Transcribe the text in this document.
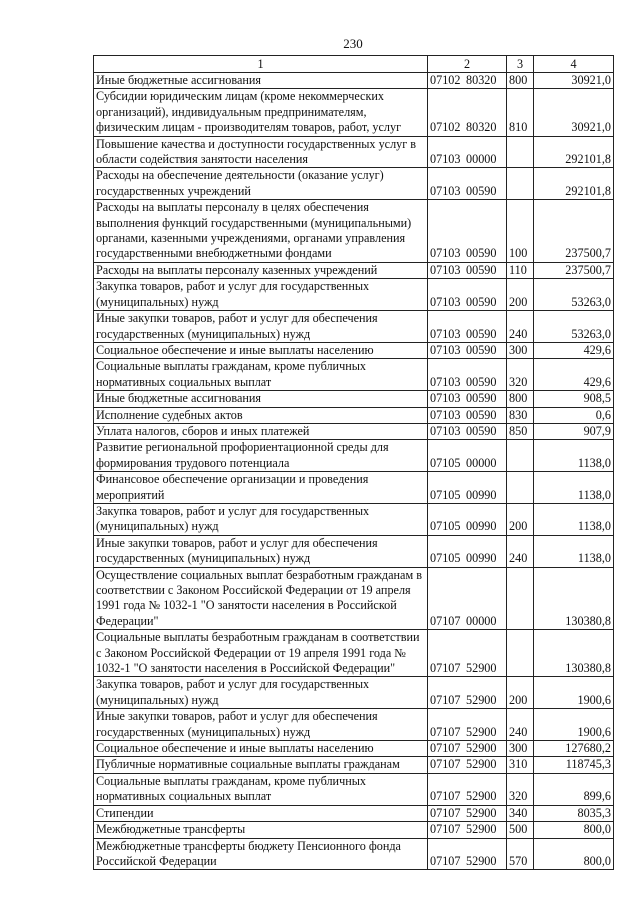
230
1	2	3	4
Иные бюджетные ассигнования	07102 80320	800	30921,0
Субсидии юридическим лицам (кроме некоммерческих организаций), индивидуальным предпринимателям, физическим лицам - производителям товаров, работ, услуг	07102 80320	810	30921,0
Повышение качества и доступности государственных услуг в области содействия занятости населения	07103 00000		292101,8
Расходы на обеспечение деятельности (оказание услуг) государственных учреждений	07103 00590		292101,8
Расходы на выплаты персоналу в целях обеспечения выполнения функций государственными (муниципальными) органами, казенными учреждениями, органами управления государственными внебюджетными фондами	07103 00590	100	237500,7
Расходы на выплаты персоналу казенных учреждений	07103 00590	110	237500,7
Закупка товаров, работ и услуг для государственных (муниципальных) нужд	07103 00590	200	53263,0
Иные закупки товаров, работ и услуг для обеспечения государственных (муниципальных) нужд	07103 00590	240	53263,0
Социальное обеспечение и иные выплаты населению	07103 00590	300	429,6
Социальные выплаты гражданам, кроме публичных нормативных социальных выплат	07103 00590	320	429,6
Иные бюджетные ассигнования	07103 00590	800	908,5
Исполнение судебных актов	07103 00590	830	0,6
Уплата налогов, сборов и иных платежей	07103 00590	850	907,9
Развитие региональной профориентационной среды для формирования трудового потенциала	07105 00000		1138,0
Финансовое обеспечение организации и проведения мероприятий	07105 00990		1138,0
Закупка товаров, работ и услуг для государственных (муниципальных) нужд	07105 00990	200	1138,0
Иные закупки товаров, работ и услуг для обеспечения государственных (муниципальных) нужд	07105 00990	240	1138,0
Осуществление социальных выплат безработным гражданам в соответствии с Законом Российской Федерации от 19 апреля 1991 года № 1032-1 "О занятости населения в Российской Федерации"	07107 00000		130380,8
Социальные выплаты безработным гражданам в соответствии с Законом Российской Федерации от 19 апреля 1991 года № 1032-1 "О занятости населения в Российской Федерации"	07107 52900		130380,8
Закупка товаров, работ и услуг для государственных (муниципальных) нужд	07107 52900	200	1900,6
Иные закупки товаров, работ и услуг для обеспечения государственных (муниципальных) нужд	07107 52900	240	1900,6
Социальное обеспечение и иные выплаты населению	07107 52900	300	127680,2
Публичные нормативные социальные выплаты гражданам	07107 52900	310	118745,3
Социальные выплаты гражданам, кроме публичных нормативных социальных выплат	07107 52900	320	899,6
Стипендии	07107 52900	340	8035,3
Межбюджетные трансферты	07107 52900	500	800,0
Межбюджетные трансферты бюджету Пенсионного фонда Российской Федерации	07107 52900	570	800,0
